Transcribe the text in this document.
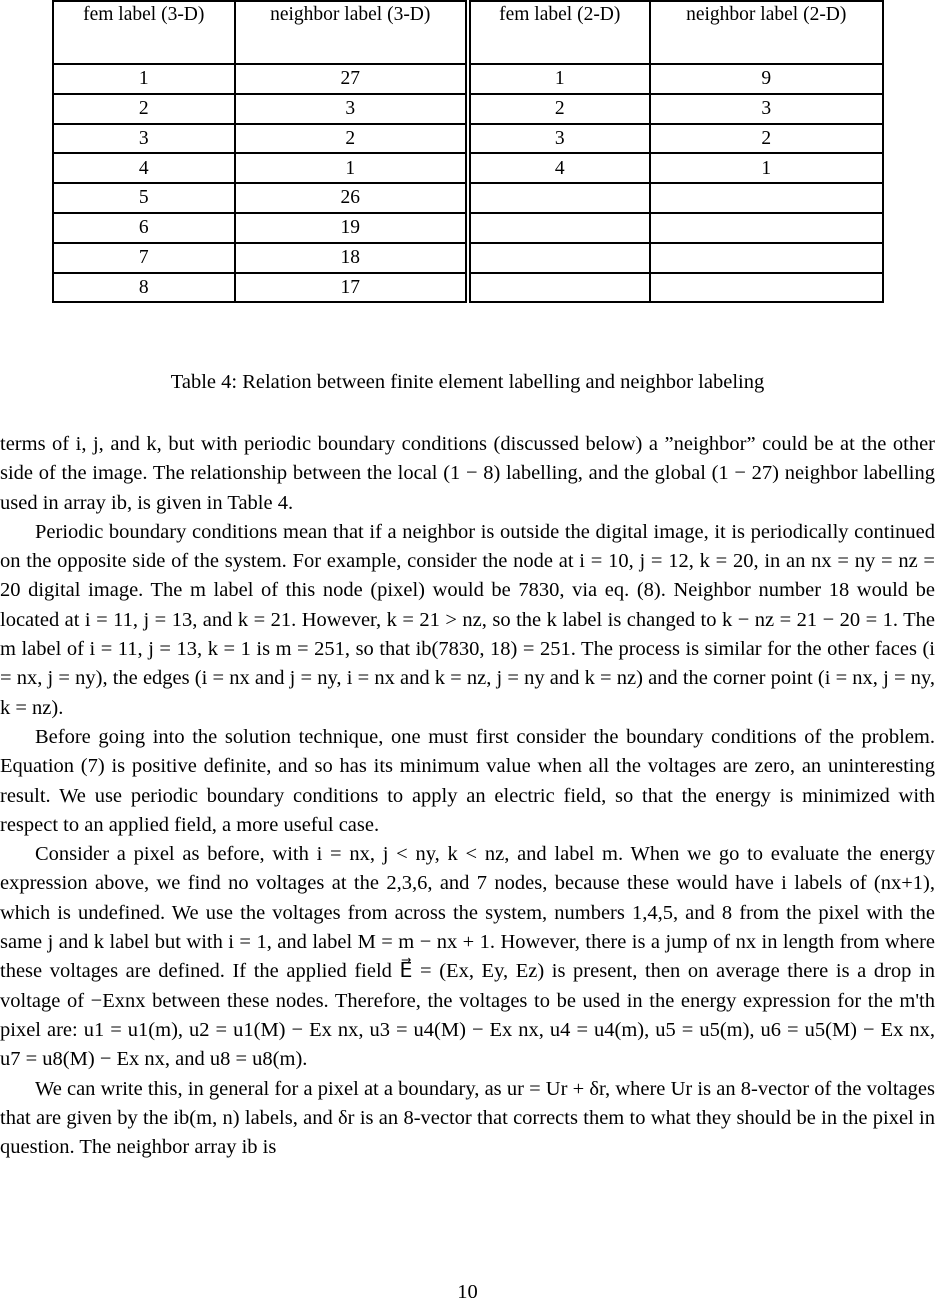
fem label (3-D)	neighbor label (3-D)	fem label (2-D)	neighbor label (2-D)
1	27	1	9
2	3	2	3
3	2	3	2
4	1	4	1
5	26		
6	19		
7	18		
8	17		
Table 4: Relation between finite element labelling and neighbor labeling

terms of i, j, and k, but with periodic boundary conditions (discussed below) a ”neighbor” could be at the other side of the image. The relationship between the local (1 − 8) labelling, and the global (1 − 27) neighbor labelling used in array ib, is given in Table 4.

Periodic boundary conditions mean that if a neighbor is outside the digital image, it is periodically continued on the opposite side of the system. For example, consider the node at i = 10, j = 12, k = 20, in an nx = ny = nz = 20 digital image. The m label of this node (pixel) would be 7830, via eq. (8). Neighbor number 18 would be located at i = 11, j = 13, and k = 21. However, k = 21 > nz, so the k label is changed to k − nz = 21 − 20 = 1. The m label of i = 11, j = 13, k = 1 is m = 251, so that ib(7830, 18) = 251. The process is similar for the other faces (i = nx, j = ny), the edges (i = nx and j = ny, i = nx and k = nz, j = ny and k = nz) and the corner point (i = nx, j = ny, k = nz).

Before going into the solution technique, one must first consider the boundary conditions of the problem. Equation (7) is positive definite, and so has its minimum value when all the voltages are zero, an uninteresting result. We use periodic boundary conditions to apply an electric field, so that the energy is minimized with respect to an applied field, a more useful case.

Consider a pixel as before, with i = nx, j < ny, k < nz, and label m. When we go to evaluate the energy expression above, we find no voltages at the 2,3,6, and 7 nodes, because these would have i labels of (nx+1), which is undefined. We use the voltages from across the system, numbers 1,4,5, and 8 from the pixel with the same j and k label but with i = 1, and label M = m − nx + 1. However, there is a jump of nx in length from where these voltages are defined. If the applied field E⃗ = (Ex, Ey, Ez) is present, then on average there is a drop in voltage of −Exnx between these nodes. Therefore, the voltages to be used in the energy expression for the m'th pixel are: u1 = u1(m), u2 = u1(M) − Ex nx, u3 = u4(M) − Ex nx, u4 = u4(m), u5 = u5(m), u6 = u5(M) − Ex nx, u7 = u8(M) − Ex nx, and u8 = u8(m).

We can write this, in general for a pixel at a boundary, as ur = Ur + δr, where Ur is an 8-vector of the voltages that are given by the ib(m, n) labels, and δr is an 8-vector that corrects them to what they should be in the pixel in question. The neighbor array ib is

10
